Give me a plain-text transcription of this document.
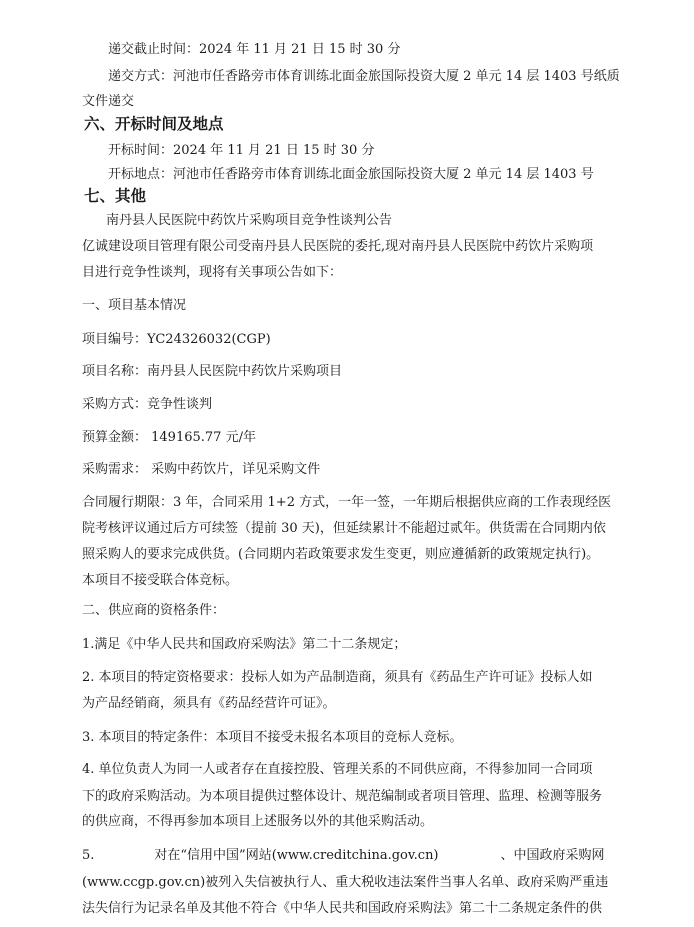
递交截止时间：2024 年 11 月 21 日 15 时 30 分
递交方式：河池市任香路旁市体育训练北面金旅国际投资大厦 2 单元 14 层 1403 号纸质
文件递交
六、开标时间及地点
开标时间：2024 年 11 月 21 日 15 时 30 分
开标地点：河池市任香路旁市体育训练北面金旅国际投资大厦 2 单元 14 层 1403 号
七、其他
南丹县人民医院中药饮片采购项目竞争性谈判公告
亿诚建设项目管理有限公司受南丹县人民医院的委托,现对南丹县人民医院中药饮片采购项
目进行竞争性谈判，现将有关事项公告如下：
一、项目基本情况
项目编号：YC24326032(CGP)
项目名称：南丹县人民医院中药饮片采购项目
采购方式：竞争性谈判
预算金额： 149165.77 元/年
采购需求： 采购中药饮片，详见采购文件
合同履行期限：3 年，合同采用 1+2 方式，一年一签，一年期后根据供应商的工作表现经医
院考核评议通过后方可续签（提前 30 天)，但延续累计不能超过贰年。供货需在合同期内依
照采购人的要求完成供货。(合同期内若政策要求发生变更，则应遵循新的政策规定执行)。
本项目不接受联合体竞标。
二、供应商的资格条件：
1.满足《中华人民共和国政府采购法》第二十二条规定；
2. 本项目的特定资格要求：投标人如为产品制造商，须具有《药品生产许可证》投标人如
为产品经销商，须具有《药品经营许可证》。
3. 本项目的特定条件：本项目不接受未报名本项目的竞标人竞标。
4. 单位负责人为同一人或者存在直接控股、管理关系的不同供应商，不得参加同一合同项
下的政府采购活动。为本项目提供过整体设计、规范编制或者项目管理、监理、检测等服务
的供应商，不得再参加本项目上述服务以外的其他采购活动。
5.	对在“信用中国”网站(www.creditchina.gov.cn)	、中国政府采购网
(www.ccgp.gov.cn)被列入失信被执行人、重大税收违法案件当事人名单、政府采购严重违
法失信行为记录名单及其他不符合《中华人民共和国政府采购法》第二十二条规定条件的供
